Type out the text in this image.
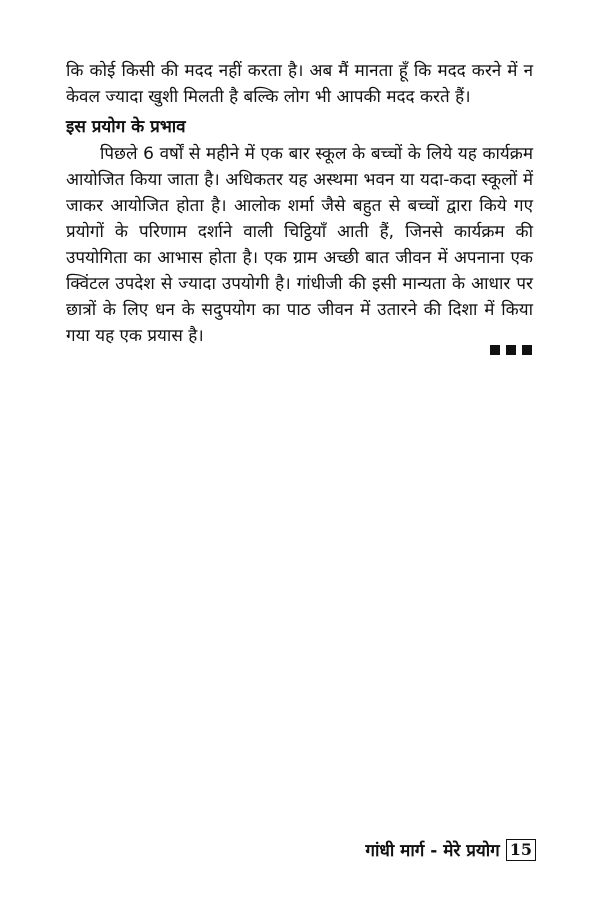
कि कोई किसी की मदद नहीं करता है। अब मैं मानता हूँ कि मदद करने में न केवल ज्यादा खुशी मिलती है बल्कि लोग भी आपकी मदद करते हैं।

इस प्रयोग के प्रभाव

पिछले 6 वर्षों से महीने में एक बार स्कूल के बच्चों के लिये यह कार्यक्रम आयोजित किया जाता है। अधिकतर यह अस्थमा भवन या यदा-कदा स्कूलों में जाकर आयोजित होता है। आलोक शर्मा जैसे बहुत से बच्चों द्वारा किये गए प्रयोगों के परिणाम दर्शाने वाली चिट्ठियाँ आती हैं, जिनसे कार्यक्रम की उपयोगिता का आभास होता है। एक ग्राम अच्छी बात जीवन में अपनाना एक क्विंटल उपदेश से ज्यादा उपयोगी है। गांधीजी की इसी मान्यता के आधार पर छात्रों के लिए धन के सदुपयोग का पाठ जीवन में उतारने की दिशा में किया गया यह एक प्रयास है।

गांधी मार्ग - मेरे प्रयोग 15
